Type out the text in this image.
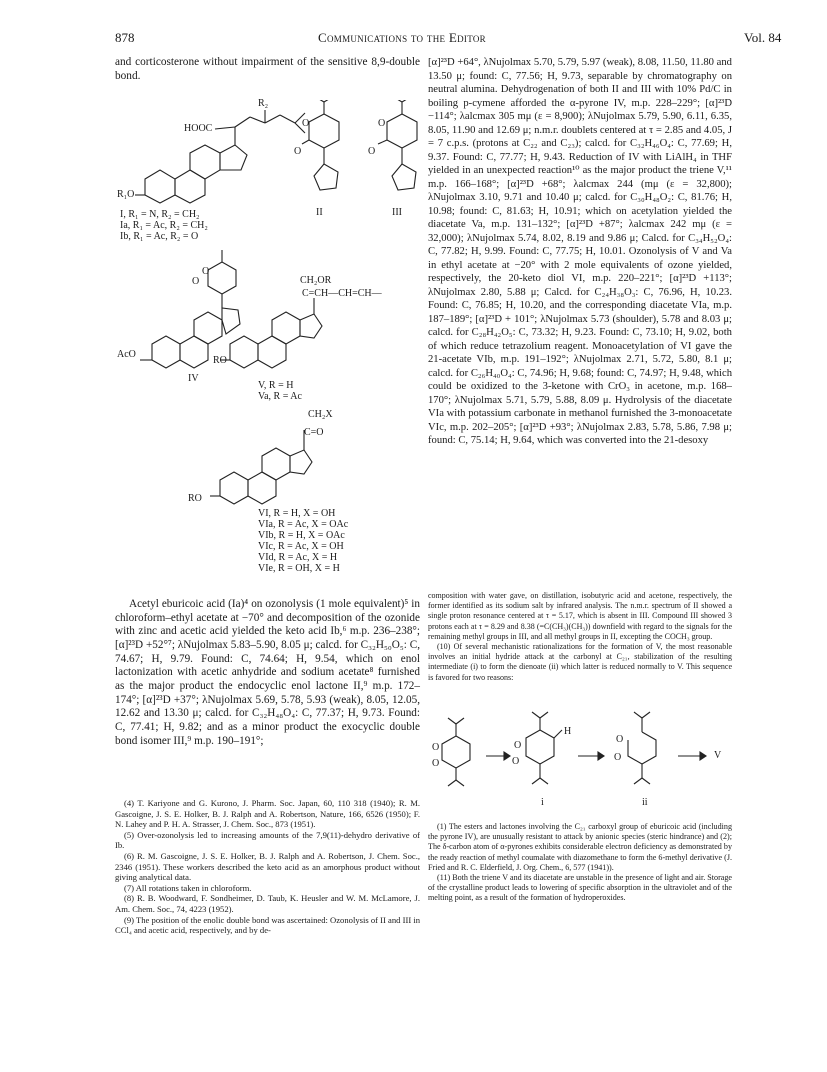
878	Communications to the Editor	Vol. 84

and corticosterone without impairment of the sensitive 8,9-double bond.

R₂
HOOC
R₁O
I, R₁ = N, R₂ = CH₂
Ia, R₁ = Ac, R₂ = CH₂
Ib, R₁ = Ac, R₂ = O
O
O
II
O
O
III
O
O
AcO
IV
CH₂OR
C=CH—CH=CH—
RO
V, R = H
Va, R = Ac
CH₂X
C=O
RO
VI, R = H, X = OH
VIa, R = Ac, X = OAc
VIb, R = H, X = OAc
VIc, R = Ac, X = OH
VId, R = Ac, X = H
VIe, R = OH, X = H

Acetyl eburicoic acid (Ia)⁴ on ozonolysis (1 mole equivalent)⁵ in chloroform–ethyl acetate at −70° and decomposition of the ozonide with zinc and acetic acid yielded the keto acid Ib,⁶ m.p. 236–238°; [α]²³D +52°⁷; λNujolmax 5.83–5.90, 8.05 μ; calcd. for C₃₂H₅₀O₅: C, 74.67; H, 9.79. Found: C, 74.64; H, 9.54, which on enol lactonization with acetic anhydride and sodium acetate⁸ furnished as the major product the endocyclic enol lactone II,⁹ m.p. 172–174°; [α]²³D +37°; λNujolmax 5.69, 5.78, 5.93 (weak), 8.05, 12.05, 12.62 and 13.30 μ; calcd. for C₃₂H₄₈O₄: C, 77.37; H, 9.73. Found: C, 77.41; H, 9.82; and as a minor product the exocyclic double bond isomer III,⁹ m.p. 190–191°;

(4) T. Kariyone and G. Kurono, J. Pharm. Soc. Japan, 60, 110 318 (1940); R. M. Gascoigne, J. S. E. Holker, B. J. Ralph and A. Robertson, Nature, 166, 6526 (1950); F. N. Lahey and P. H. A. Strasser, J. Chem. Soc., 873 (1951).

(5) Over-ozonolysis led to increasing amounts of the 7,9(11)-dehydro derivative of Ib.

(6) R. M. Gascoigne, J. S. E. Holker, B. J. Ralph and A. Robertson, J. Chem. Soc., 2346 (1951). These workers described the keto acid as an amorphous product without giving analytical data.

(7) All rotations taken in chloroform.

(8) R. B. Woodward, F. Sondheimer, D. Taub, K. Heusler and W. M. McLamore, J. Am. Chem. Soc., 74, 4223 (1952).

(9) The position of the enolic double bond was ascertained: Ozonolysis of II and III in CCl₄ and acetic acid, respectively, and by de-

[α]²³D +64°, λNujolmax 5.70, 5.79, 5.97 (weak), 8.08, 11.50, 11.80 and 13.50 μ; found: C, 77.56; H, 9.73, separable by chromatography on neutral alumina. Dehydrogenation of both II and III with 10% Pd/C in boiling p-cymene afforded the α-pyrone IV, m.p. 228–229°; [α]²³D −114°; λalcmax 305 mμ (ε = 8,900); λNujolmax 5.79, 5.90, 6.11, 6.35, 8.05, 11.90 and 12.69 μ; n.m.r. doublets centered at τ = 2.85 and 4.05, J = 7 c.p.s. (protons at C₂₂ and C₂₃); calcd. for C₃₂H₄₆O₄: C, 77.69; H, 9.37. Found: C, 77.77; H, 9.43. Reduction of IV with LiAlH₄ in THF yielded in an unexpected reaction¹⁰ as the major product the triene V,¹¹ m.p. 166–168°; [α]²³D +68°; λalcmax 244 (mμ (ε = 32,800); λNujolmax 3.10, 9.71 and 10.40 μ; calcd. for C₃₀H₄₈O₂: C, 81.76; H, 10.98; found: C, 81.63; H, 10.91; which on acetylation yielded the diacetate Va, m.p. 131–132°; [α]²³D +87°; λalcmax 242 mμ (ε = 32,000); λNujolmax 5.74, 8.02, 8.19 and 9.86 μ; Calcd. for C₃₄H₅₂O₄: C, 77.82; H, 9.99. Found: C, 77.75; H, 10.01. Ozonolysis of V and Va in ethyl acetate at −20° with 2 mole equivalents of ozone yielded, respectively, the 20-keto diol VI, m.p. 220–221°; [α]²³D +113°; λNujolmax 2.80, 5.88 μ; Calcd. for C₂₄H₃₈O₃: C, 76.96, H, 10.23. Found: C, 76.85; H, 10.20, and the corresponding diacetate VIa, m.p. 187–189°; [α]²³D + 101°; λNujolmax 5.73 (shoulder), 5.78 and 8.03 μ; calcd. for C₂₈H₄₂O₅: C, 73.32; H, 9.23. Found: C, 73.10; H, 9.02, both of which reduce tetrazolium reagent. Monoacetylation of VI gave the 21-acetate VIb, m.p. 191–192°; λNujolmax 2.71, 5.72, 5.80, 8.1 μ; calcd. for C₂₆H₄₀O₄: C, 74.96; H, 9.68; found: C, 74.97; H, 9.48, which could be oxidized to the 3-ketone with CrO₃ in acetone, m.p. 168–170°; λNujolmax 5.71, 5.79, 5.88, 8.09 μ. Hydrolysis of the diacetate VIa with potassium carbonate in methanol furnished the 3-monoacetate VIc, m.p. 202–205°; [α]²³D +93°; λNujolmax 2.83, 5.78, 5.86, 7.98 μ; found: C, 75.14; H, 9.64, which was converted into the 21-desoxy

composition with water gave, on distillation, isobutyric acid and acetone, respectively, the former identified as its sodium salt by infrared analysis. The n.m.r. spectrum of II showed a single proton resonance centered at τ = 5.17, which is absent in III. Compound III showed 3 protons each at τ = 8.29 and 8.38 (=C(CH₃)(CH₃)) downfield with regard to the signals for the remaining methyl groups in III, and all methyl groups in II, excepting the COCH₃ group.

(10) Of several mechanistic rationalizations for the formation of V, the most reasonable involves an initial hydride attack at the carbonyl at C₂₁, stabilization of the resulting intermediate (i) to form the dienoate (ii) which latter is reduced normally to V. This sequence is favored for two reasons:

O
O
O
O
O
O
H
i	ii
V

(1) The esters and lactones involving the C₂₁ carboxyl group of eburicoic acid (including the pyrone IV), are unusually resistant to attack by anionic species (steric hindrance) and (2); The δ-carbon atom of α-pyrones exhibits considerable electron deficiency as demonstrated by the ready reaction of methyl coumalate with diazomethane to form the 6-methyl derivative (J. Fried and R. C. Elderfield, J. Org. Chem., 6, 577 (1941)).

(11) Both the triene V and its diacetate are unstable in the presence of light and air. Storage of the crystalline product leads to lowering of specific absorption in the ultraviolet and of the melting point, as a result of the formation of hydroperoxides.
